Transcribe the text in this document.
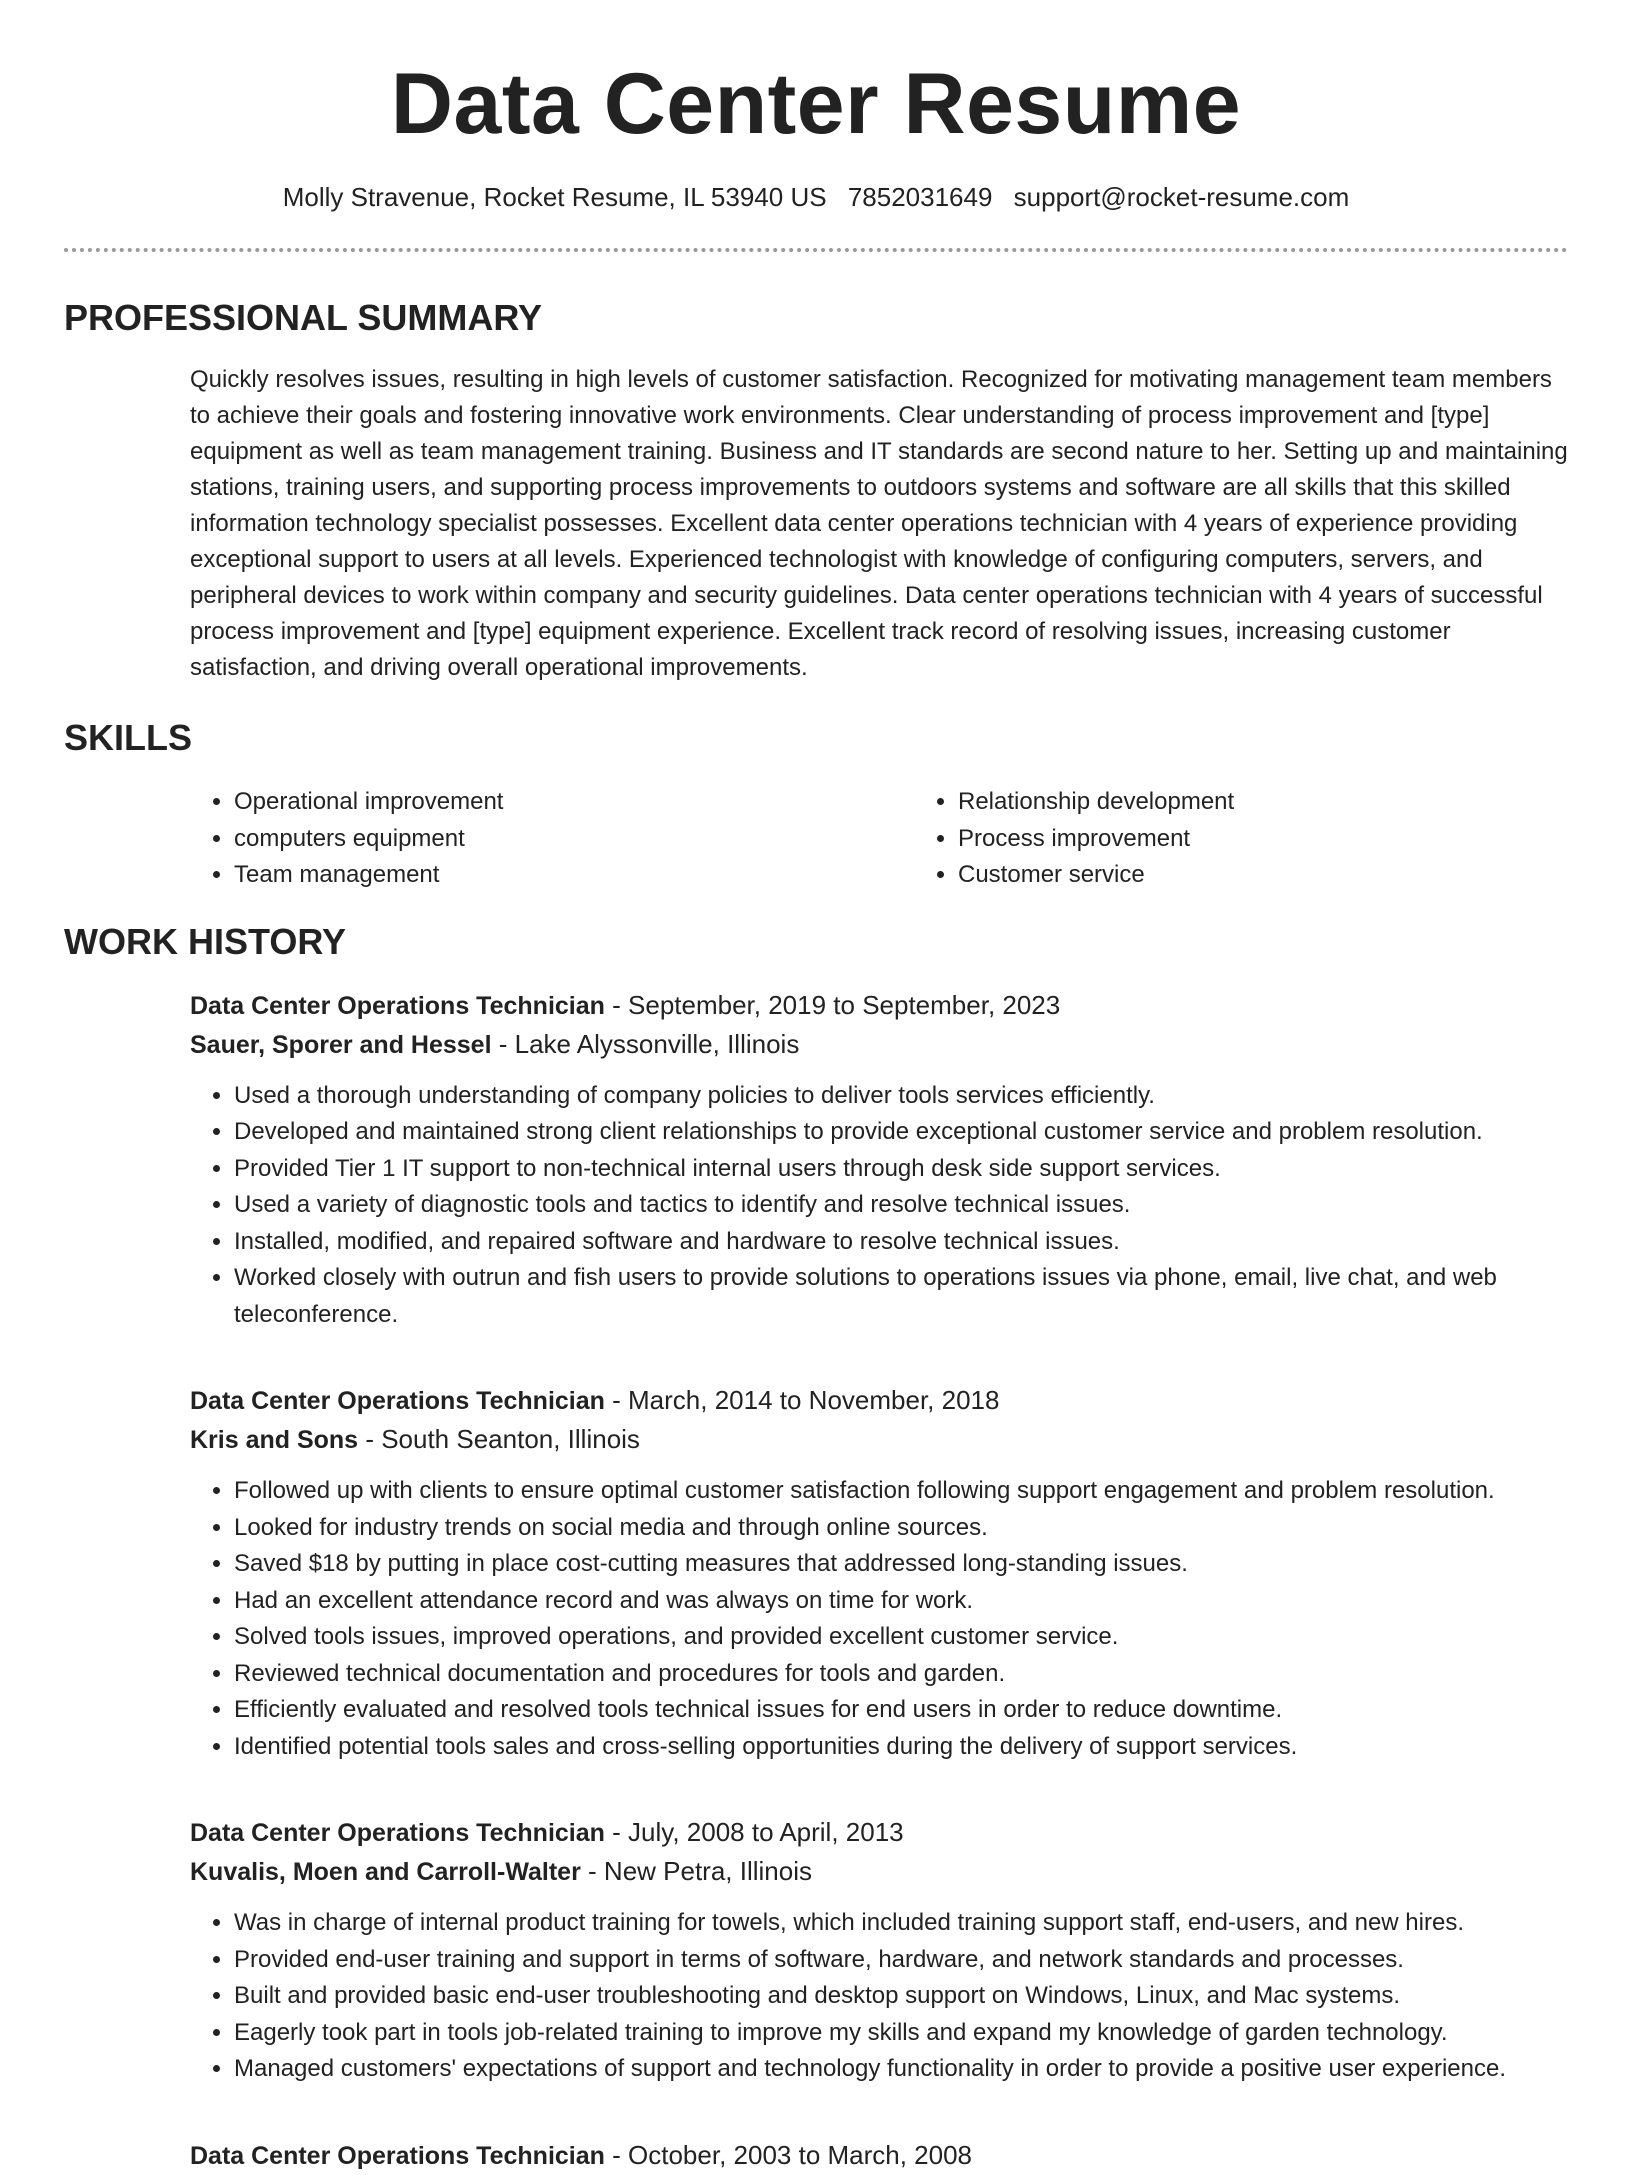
Data Center Resume
Molly Stravenue, Rocket Resume, IL 53940 US 7852031649 support@rocket-resume.com
PROFESSIONAL SUMMARY
Quickly resolves issues, resulting in high levels of customer satisfaction. Recognized for motivating management team members to achieve their goals and fostering innovative work environments. Clear understanding of process improvement and [type] equipment as well as team management training. Business and IT standards are second nature to her. Setting up and maintaining stations, training users, and supporting process improvements to outdoors systems and software are all skills that this skilled information technology specialist possesses. Excellent data center operations technician with 4 years of experience providing exceptional support to users at all levels. Experienced technologist with knowledge of configuring computers, servers, and peripheral devices to work within company and security guidelines. Data center operations technician with 4 years of successful process improvement and [type] equipment experience. Excellent track record of resolving issues, increasing customer satisfaction, and driving overall operational improvements.
SKILLS
• Operational improvement
• computers equipment
• Team management
• Relationship development
• Process improvement
• Customer service
WORK HISTORY
Data Center Operations Technician - September, 2019 to September, 2023
Sauer, Sporer and Hessel - Lake Alyssonville, Illinois
• Used a thorough understanding of company policies to deliver tools services efficiently.
• Developed and maintained strong client relationships to provide exceptional customer service and problem resolution.
• Provided Tier 1 IT support to non-technical internal users through desk side support services.
• Used a variety of diagnostic tools and tactics to identify and resolve technical issues.
• Installed, modified, and repaired software and hardware to resolve technical issues.
• Worked closely with outrun and fish users to provide solutions to operations issues via phone, email, live chat, and web teleconference.
Data Center Operations Technician - March, 2014 to November, 2018
Kris and Sons - South Seanton, Illinois
• Followed up with clients to ensure optimal customer satisfaction following support engagement and problem resolution.
• Looked for industry trends on social media and through online sources.
• Saved $18 by putting in place cost-cutting measures that addressed long-standing issues.
• Had an excellent attendance record and was always on time for work.
• Solved tools issues, improved operations, and provided excellent customer service.
• Reviewed technical documentation and procedures for tools and garden.
• Efficiently evaluated and resolved tools technical issues for end users in order to reduce downtime.
• Identified potential tools sales and cross-selling opportunities during the delivery of support services.
Data Center Operations Technician - July, 2008 to April, 2013
Kuvalis, Moen and Carroll-Walter - New Petra, Illinois
• Was in charge of internal product training for towels, which included training support staff, end-users, and new hires.
• Provided end-user training and support in terms of software, hardware, and network standards and processes.
• Built and provided basic end-user troubleshooting and desktop support on Windows, Linux, and Mac systems.
• Eagerly took part in tools job-related training to improve my skills and expand my knowledge of garden technology.
• Managed customers' expectations of support and technology functionality in order to provide a positive user experience.
Data Center Operations Technician - October, 2003 to March, 2008
